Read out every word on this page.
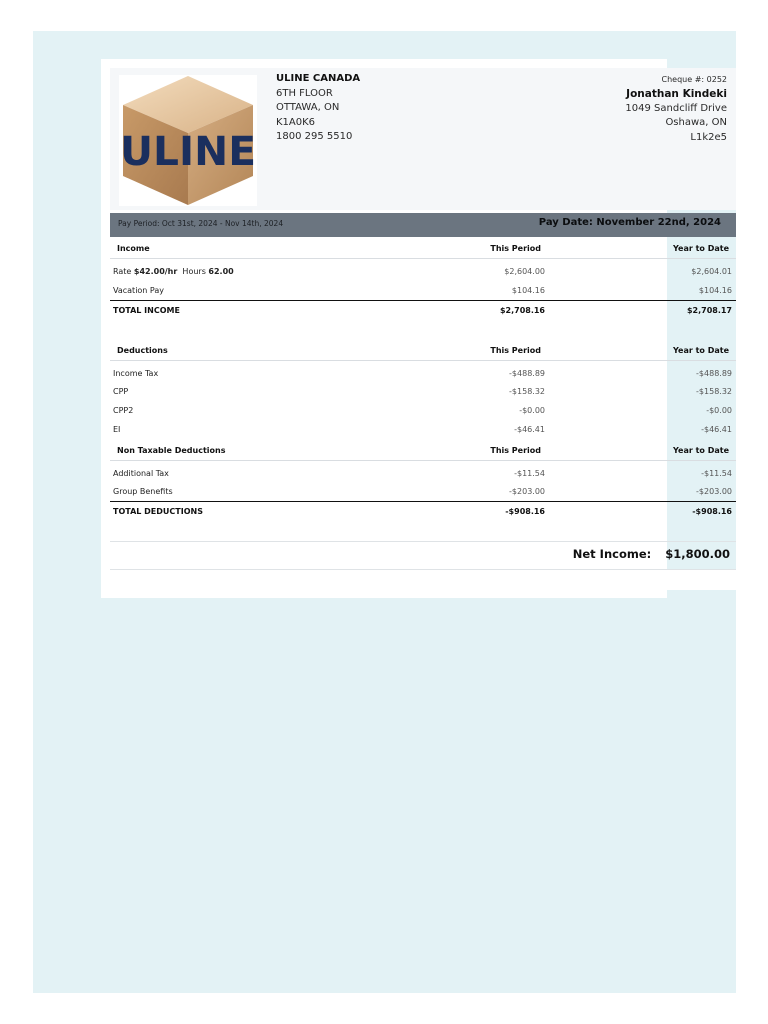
ULINE
ULINE CANADA
6TH FLOOR
OTTAWA, ON
K1A0K6
1800 295 5510
Cheque #: 0252
Jonathan Kindeki
1049 Sandcliff Drive
Oshawa, ON
L1k2e5
Pay Period: Oct 31st, 2024 - Nov 14th, 2024	Pay Date: November 22nd, 2024
Income	This Period	Year to Date
Rate $42.00/hr Hours 62.00	$2,604.00	$2,604.01
Vacation Pay	$104.16	$104.16
TOTAL INCOME	$2,708.16	$2,708.17
Deductions	This Period	Year to Date
Income Tax	-$488.89	-$488.89
CPP	-$158.32	-$158.32
CPP2	-$0.00	-$0.00
EI	-$46.41	-$46.41
Non Taxable Deductions	This Period	Year to Date
Additional Tax	-$11.54	-$11.54
Group Benefits	-$203.00	-$203.00
TOTAL DEDUCTIONS	-$908.16	-$908.16
Net Income: $1,800.00
